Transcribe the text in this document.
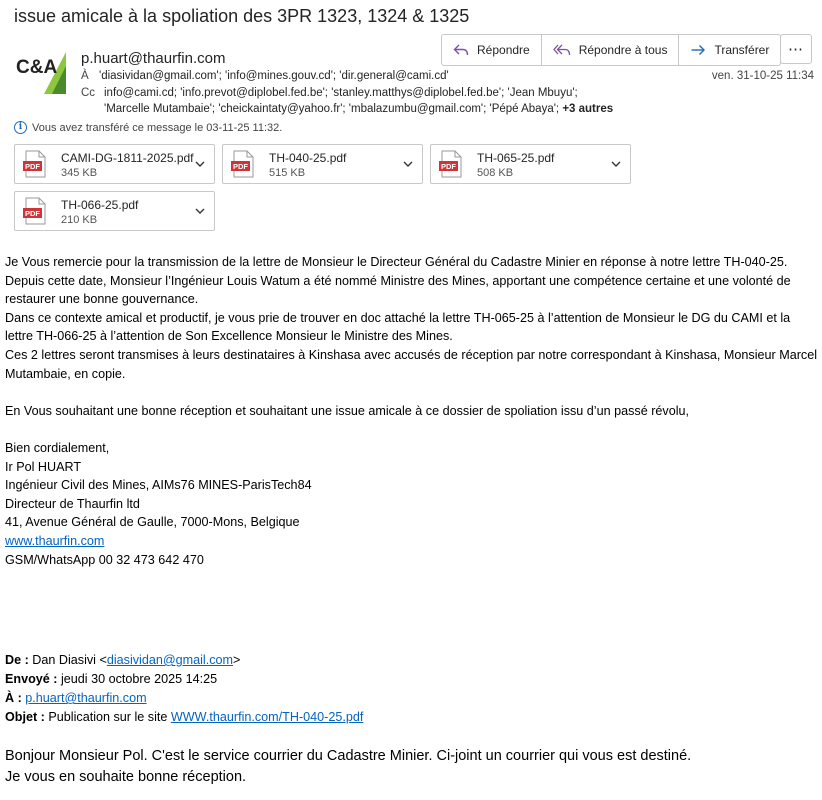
issue amicale à la spoliation des 3PR 1323, 1324 & 1325
C&A p.huart@thaurfin.com	Répondre	Répondre à tous	Transférer	⋯
À 'diasividan@gmail.com'; 'info@mines.gouv.cd'; 'dir.general@cami.cd'	ven. 31-10-25 11:34
Cc info@cami.cd; 'info.prevot@diplobel.fed.be'; 'stanley.matthys@diplobel.fed.be'; 'Jean Mbuyu';
'Marcelle Mutambaie'; 'cheickaintaty@yahoo.fr'; 'mbalazumbu@gmail.com'; 'Pépé Abaya'; +3 autres
i Vous avez transféré ce message le 03-11-25 11:32.
PDF
CAMI-DG-1811-2025.pdf
345 KB
PDF
TH-040-25.pdf
515 KB
PDF
TH-065-25.pdf
508 KB
PDF
TH-066-25.pdf
210 KB

Je Vous remercie pour la transmission de la lettre de Monsieur le Directeur Général du Cadastre Minier en réponse à notre lettre TH-040-25.

Depuis cette date, Monsieur l’Ingénieur Louis Watum a été nommé Ministre des Mines, apportant une compétence certaine et une volonté de restaurer une bonne gouvernance.

Dans ce contexte amical et productif, je vous prie de trouver en doc attaché la lettre TH-065-25 à l’attention de Monsieur le DG du CAMI et la lettre TH-066-25 à l’attention de Son Excellence Monsieur le Ministre des Mines.

Ces 2 lettres seront transmises à leurs destinataires à Kinshasa avec accusés de réception par notre correspondant à Kinshasa, Monsieur Marcel Mutambaie, en copie.

En Vous souhaitant une bonne réception et souhaitant une issue amicale à ce dossier de spoliation issu d’un passé révolu,

Bien cordialement,

Ir Pol HUART

Ingénieur Civil des Mines, AIMs76 MINES-ParisTech84

Directeur de Thaurfin ltd

41, Avenue Général de Gaulle, 7000-Mons, Belgique

www.thaurfin.com

GSM/WhatsApp 00 32 473 642 470

De : Dan Diasivi <diasividan@gmail.com>
Envoyé : jeudi 30 octobre 2025 14:25
À : p.huart@thaurfin.com
Objet : Publication sur le site WWW.thaurfin.com/TH-040-25.pdf
Bonjour Monsieur Pol. C'est le service courrier du Cadastre Minier. Ci-joint un courrier qui vous est destiné.
Je vous en souhaite bonne réception.
